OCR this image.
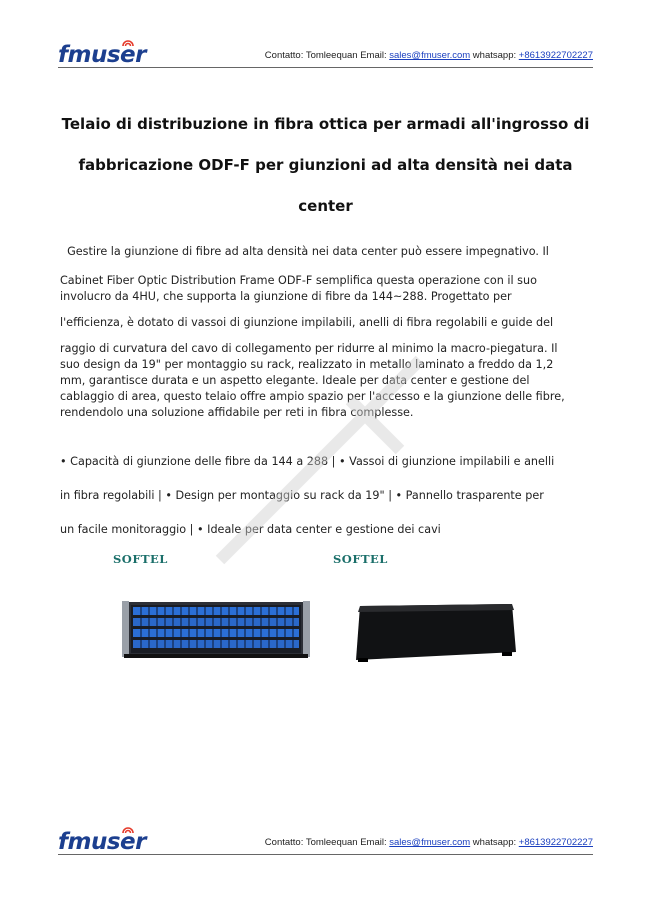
fmuser	Contatto: Tomleequan Email: sales@fmuser.com whatsapp: +8613922702227
Telaio di distribuzione in fibra ottica per armadi all'ingrosso di
fabbricazione ODF-F per giunzioni ad alta densità nei data
center
Gestire la giunzione di fibre ad alta densità nei data center può essere impegnativo. Il
Cabinet Fiber Optic Distribution Frame ODF-F semplifica questa operazione con il suo
involucro da 4HU, che supporta la giunzione di fibre da 144~288. Progettato per
l'efficienza, è dotato di vassoi di giunzione impilabili, anelli di fibra regolabili e guide del
raggio di curvatura del cavo di collegamento per ridurre al minimo la macro-piegatura. Il
suo design da 19" per montaggio su rack, realizzato in metallo laminato a freddo da 1,2
mm, garantisce durata e un aspetto elegante. Ideale per data center e gestione del
cablaggio di area, questo telaio offre ampio spazio per l'accesso e la giunzione delle fibre,
rendendolo una soluzione affidabile per reti in fibra complesse.
• Capacità di giunzione delle fibre da 144 a 288 | • Vassoi di giunzione impilabili e anelli
in fibra regolabili | • Design per montaggio su rack da 19" | • Pannello trasparente per
un facile monitoraggio | • Ideale per data center e gestione dei cavi
SOFTEL	SOFTEL
fmuser	Contatto: Tomleequan Email: sales@fmuser.com whatsapp: +8613922702227
